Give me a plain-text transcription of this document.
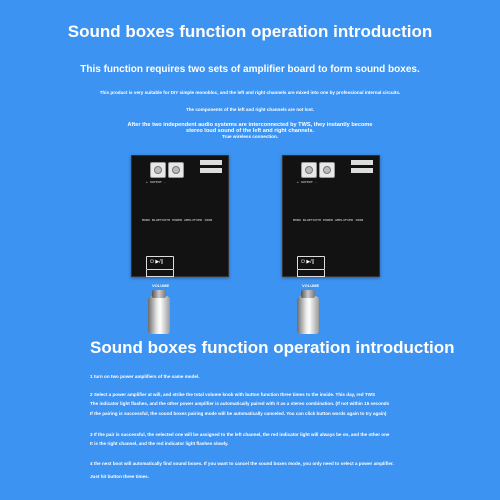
Sound boxes function operation introduction
This function requires two sets of amplifier board to form sound boxes.
This product is very suitable for DIY simple monobloc, and the left and right channels are mixed into one by professional internal circuits.
The components of the left and right channels are not lost.
After the two independent audio systems are interconnected by TWS, they instantly become
stereo loud sound of the left and right channels.
True wireless connection.
+ OUTPUT -
MONO BLUETOOTH POWER AMPLIFIER 100W
⏻ ▶/||
+ OUTPUT -
MONO BLUETOOTH POWER AMPLIFIER 100W
⏻ ▶/||
VOLUME	VOLUME
Sound boxes function operation introduction
1 turn on two power amplifiers of the same model.
2 Select a power amplifier at will, and strike the total volume knob with button function three times to the inside. This day, red TWS
The indicator light flashes, and the other power amplifier is automatically paired with it as a stereo combination. (If not within 15 seconds
If the pairing is successful, the sound boxes pairing mode will be automatically canceled. You can click button words again to try again)
3 If the pair is successful, the selected one will be assigned to the left channel, the red indicator light will always be on, and the other one
It is the right channel, and the red indicator light flashes slowly.
4 the next boot will automatically find sound boxes. If you want to cancel the sound boxes mode, you only need to select a power amplifier.
Just hit button three times.
